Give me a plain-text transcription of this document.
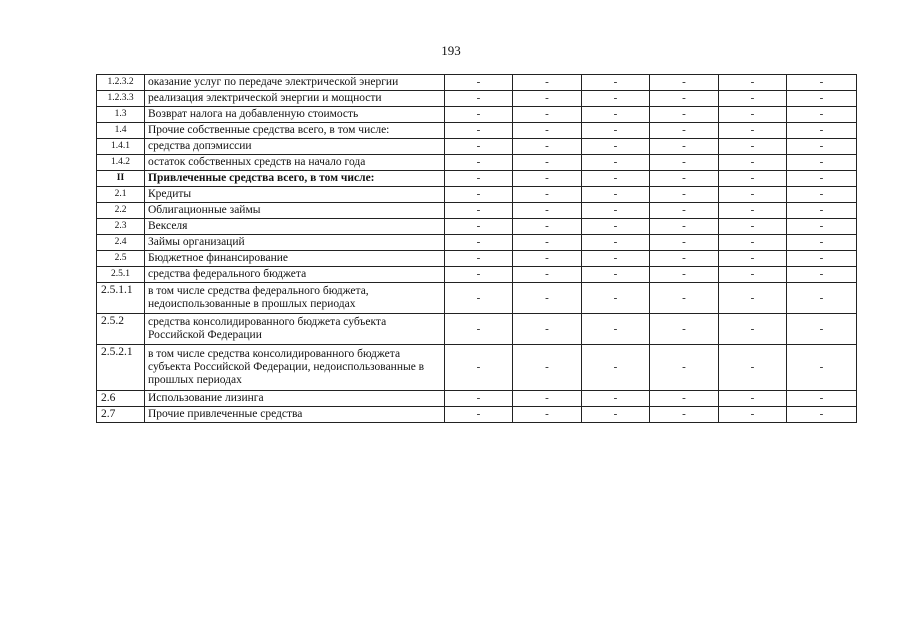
193
1.2.3.2	оказание услуг по передаче электрической энергии	-	-	-	-	-	-
1.2.3.3	реализация электрической энергии и мощности	-	-	-	-	-	-
1.3	Возврат налога на добавленную стоимость	-	-	-	-	-	-
1.4	Прочие собственные средства всего, в том числе:	-	-	-	-	-	-
1.4.1	средства допэмиссии	-	-	-	-	-	-
1.4.2	остаток собственных средств на начало года	-	-	-	-	-	-
II	Привлеченные средства всего, в том числе:	-	-	-	-	-	-
2.1	Кредиты	-	-	-	-	-	-
2.2	Облигационные займы	-	-	-	-	-	-
2.3	Векселя	-	-	-	-	-	-
2.4	Займы организаций	-	-	-	-	-	-
2.5	Бюджетное финансирование	-	-	-	-	-	-
2.5.1	средства федерального бюджета	-	-	-	-	-	-
2.5.1.1	в том числе средства федерального бюджета, недоиспользованные в прошлых периодах	-	-	-	-	-	-
2.5.2	средства консолидированного бюджета субъекта Российской Федерации	-	-	-	-	-	-
2.5.2.1	в том числе средства консолидированного бюджета субъекта Российской Федерации, недоиспользованные в прошлых периодах	-	-	-	-	-	-
2.6	Использование лизинга	-	-	-	-	-	-
2.7	Прочие привлеченные средства	-	-	-	-	-	-
